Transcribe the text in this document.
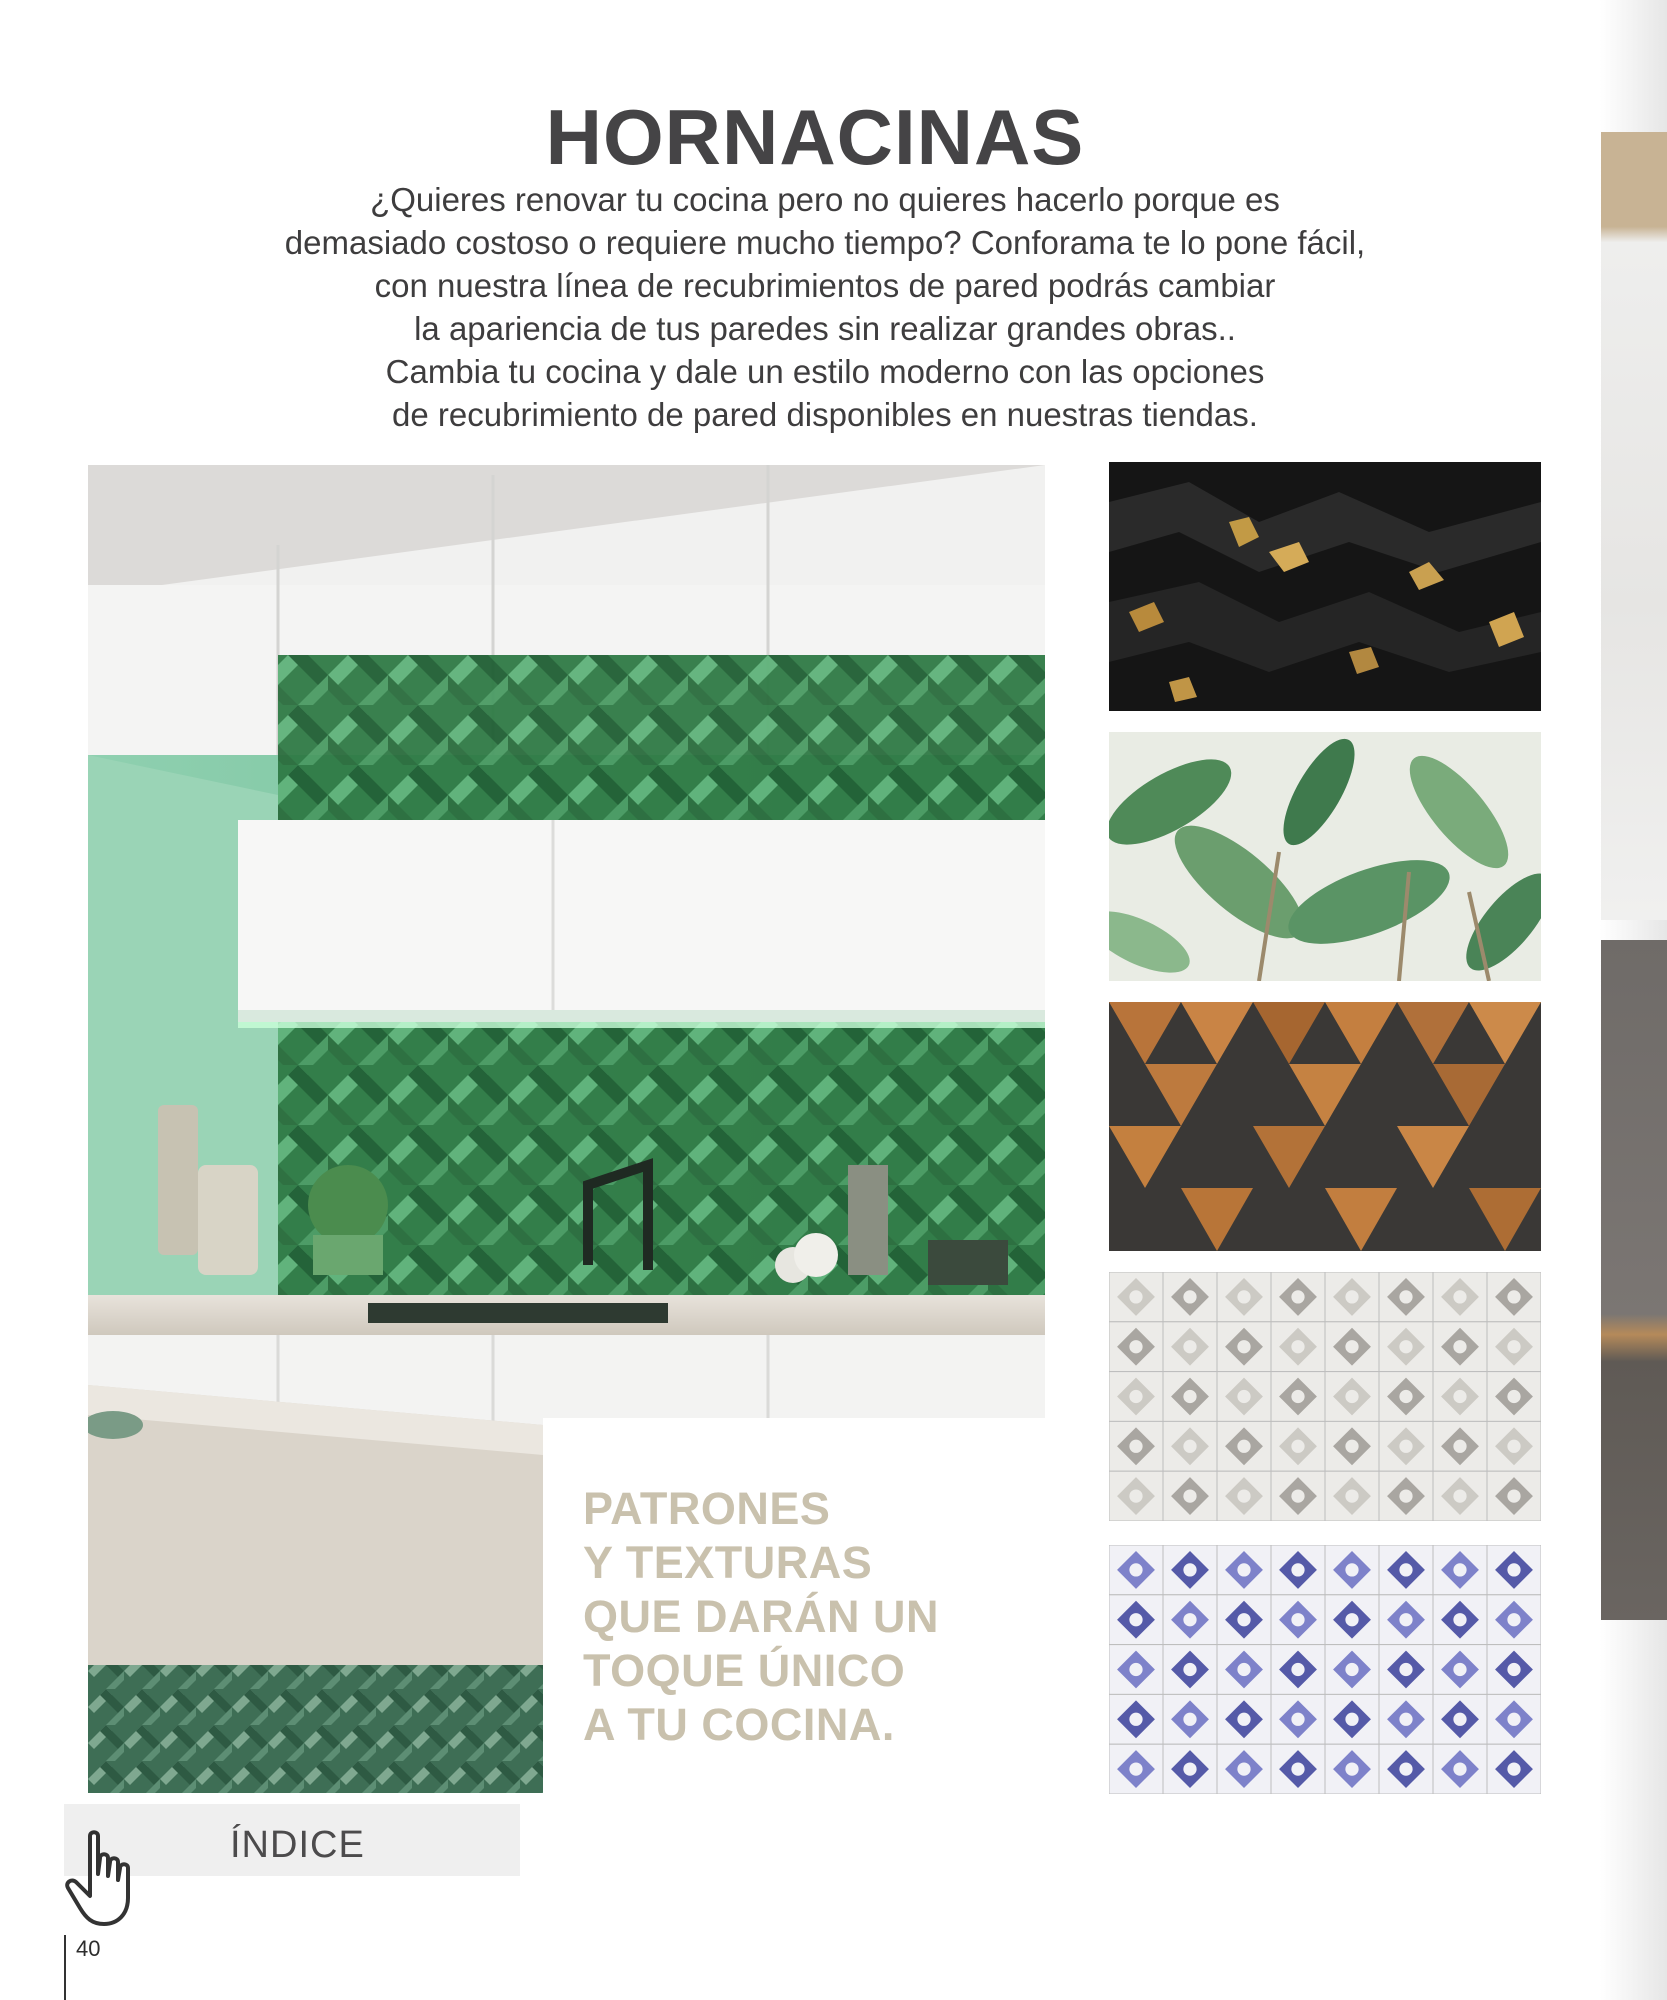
HORNACINAS
¿Quieres renovar tu cocina pero no quieres hacerlo porque es
demasiado costoso o requiere mucho tiempo? Conforama te lo pone fácil,
con nuestra línea de recubrimientos de pared podrás cambiar
la apariencia de tus paredes sin realizar grandes obras..
Cambia tu cocina y dale un estilo moderno con las opciones
de recubrimiento de pared disponibles en nuestras tiendas.
PATRONES
Y TEXTURAS
QUE DARÁN UN
TOQUE ÚNICO
A TU COCINA.
ÍNDICE
40
